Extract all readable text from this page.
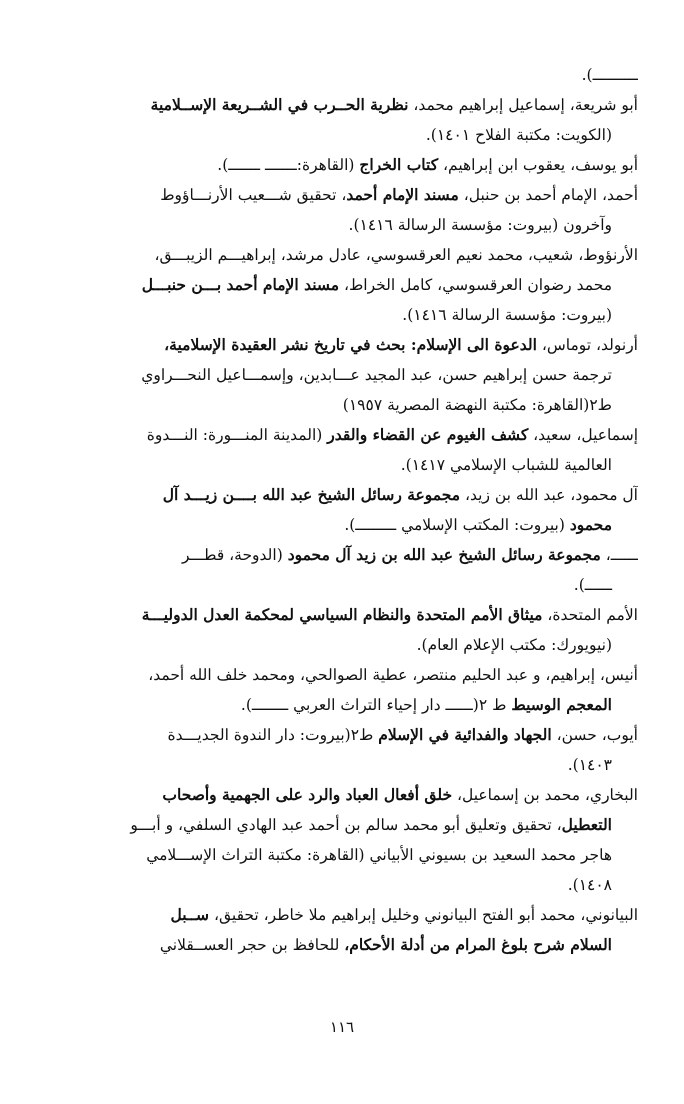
ــــــــــ).
أبو شريعة، إسماعيل إبراهيم محمد، نظرية الحــرب في الشــريعة الإســلامية
(الكويت: مكتبة الفلاح ١٤٠١).
أبو يوسف، يعقوب ابن إبراهيم، كتاب الخراج (القاهرة:ـــــــ ـــــــ).
أحمد، الإمام أحمد بن حنبل، مسند الإمام أحمد، تحقيق شـــعيب الأرنـــاؤوط
وآخرون (بيروت: مؤسسة الرسالة ١٤١٦).
الأرنؤوط، شعيب، محمد نعيم العرقسوسي، عادل مرشد، إبراهيـــم الزيبـــق،
محمد رضوان العرقسوسي، كامل الخراط، مسند الإمام أحمد بـــن حنبـــل
(بيروت: مؤسسة الرسالة ١٤١٦).
أرنولد، توماس، الدعوة الى الإسلام: بحث في تاريخ نشر العقيدة الإسلامية،
ترجمة حسن إبراهيم حسن، عبد المجيد عـــابدين، وإسمـــاعيل النحـــراوي
ط٢(القاهرة: مكتبة النهضة المصرية ١٩٥٧)
إسماعيل، سعيد، كشف الغيوم عن القضاء والقدر (المدينة المنـــورة: النـــدوة
العالمية للشباب الإسلامي ١٤١٧).
آل محمود، عبد الله بن زيد، مجموعة رسائل الشيخ عبد الله بــــن زيـــد آل
محمود (بيروت: المكتب الإسلامي ـــــــــ).
ــــــ، مجموعة رسائل الشيخ عبد الله بن زيد آل محمود (الدوحة، قطـــر
ــــــ).
الأمم المتحدة، ميثاق الأمم المتحدة والنظام السياسي لمحكمة العدل الدوليـــة
(نيويورك: مكتب الإعلام العام).
أنيس، إبراهيم، و عبد الحليم منتصر، عطية الصوالحي، ومحمد خلف الله أحمد،
المعجم الوسيط ط ٢(ــــــ دار إحياء التراث العربي ــــــــ).
أيوب، حسن، الجهاد والفدائية في الإسلام ط٢(بيروت: دار الندوة الجديـــدة
١٤٠٣).
البخاري، محمد بن إسماعيل، خلق أفعال العباد والرد على الجهمية وأصحاب
التعطيل، تحقيق وتعليق أبو محمد سالم بن أحمد عبد الهادي السلفي، و أبـــو
هاجر محمد السعيد بن بسيوني الأبياني (القاهرة: مكتبة التراث الإســـلامي
١٤٠٨).
البيانوني، محمد أبو الفتح البيانوني وخليل إبراهيم ملا خاطر، تحقيق، ســبل
السلام شرح بلوغ المرام من أدلة الأحكام، للحافظ بن حجر العســقلاني
١١٦
